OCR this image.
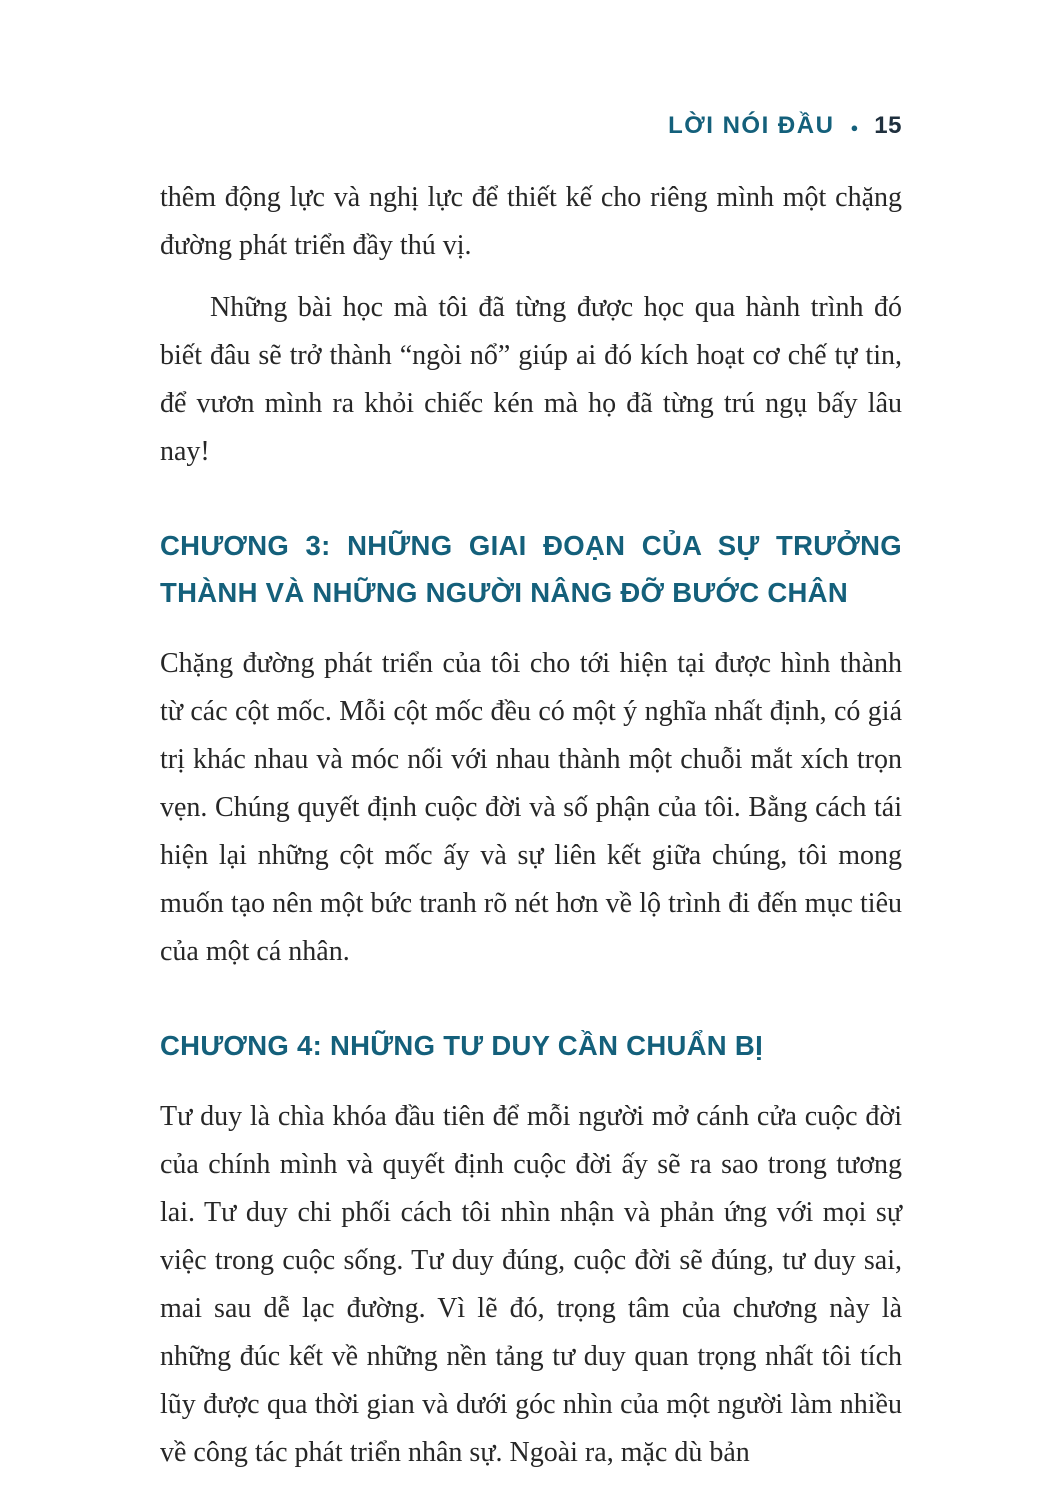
LỜI NÓI ĐẦU ● 15

thêm động lực và nghị lực để thiết kế cho riêng mình một chặng đường phát triển đầy thú vị.

Những bài học mà tôi đã từng được học qua hành trình đó biết đâu sẽ trở thành “ngòi nổ” giúp ai đó kích hoạt cơ chế tự tin, để vươn mình ra khỏi chiếc kén mà họ đã từng trú ngụ bấy lâu nay!

CHƯƠNG 3: NHỮNG GIAI ĐOẠN CỦA SỰ TRƯỞNG THÀNH VÀ NHỮNG NGƯỜI NÂNG ĐỠ BƯỚC CHÂN

Chặng đường phát triển của tôi cho tới hiện tại được hình thành từ các cột mốc. Mỗi cột mốc đều có một ý nghĩa nhất định, có giá trị khác nhau và móc nối với nhau thành một chuỗi mắt xích trọn vẹn. Chúng quyết định cuộc đời và số phận của tôi. Bằng cách tái hiện lại những cột mốc ấy và sự liên kết giữa chúng, tôi mong muốn tạo nên một bức tranh rõ nét hơn về lộ trình đi đến mục tiêu của một cá nhân.

CHƯƠNG 4: NHỮNG TƯ DUY CẦN CHUẨN BỊ

Tư duy là chìa khóa đầu tiên để mỗi người mở cánh cửa cuộc đời của chính mình và quyết định cuộc đời ấy sẽ ra sao trong tương lai. Tư duy chi phối cách tôi nhìn nhận và phản ứng với mọi sự việc trong cuộc sống. Tư duy đúng, cuộc đời sẽ đúng, tư duy sai, mai sau dễ lạc đường. Vì lẽ đó, trọng tâm của chương này là những đúc kết về những nền tảng tư duy quan trọng nhất tôi tích lũy được qua thời gian và dưới góc nhìn của một người làm nhiều về công tác phát triển nhân sự. Ngoài ra, mặc dù bản
